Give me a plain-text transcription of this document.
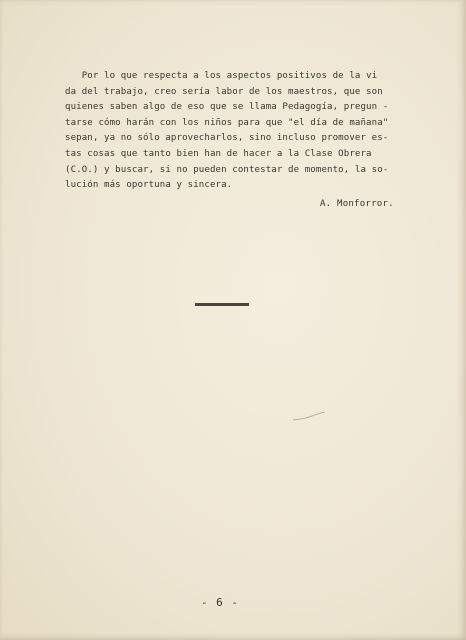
Por lo que respecta a los aspectos positivos de la vi
da del trabajo, creo sería labor de los maestros, que son
quienes saben algo de eso que se llama Pedagogía, pregun -
tarse cómo harán con los niños para que "el día de mañana"
sepan, ya no sólo aprovecharlos, sino incluso promover es-
tas cosas que tanto bien han de hacer a la Clase Obrera
(C.O.) y buscar, si no pueden contestar de momento, la so-
lución más oportuna y sincera.

A. Monforror.
- 6 -
